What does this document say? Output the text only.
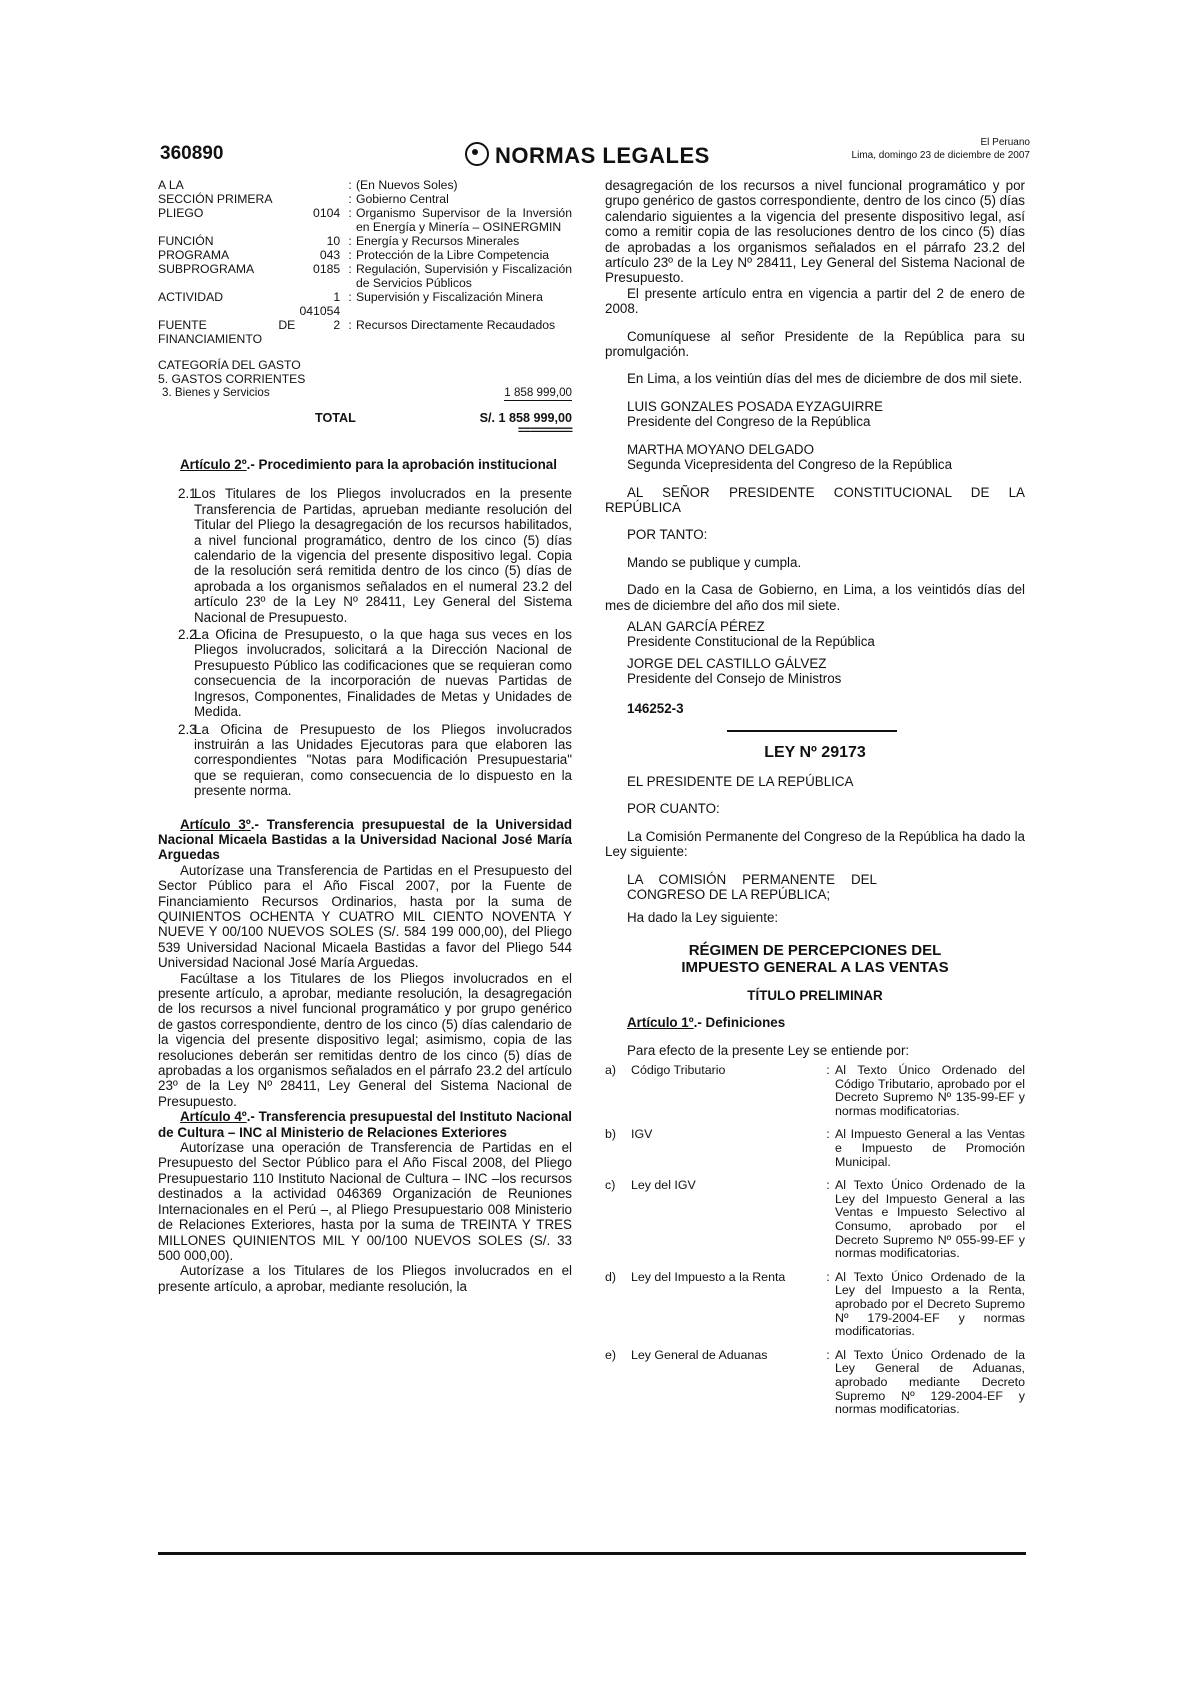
360890	NORMAS LEGALES
El Peruano
Lima, domingo 23 de diciembre de 2007
A LA		:	(En Nuevos Soles)
SECCIÓN PRIMERA		:	Gobierno Central
PLIEGO	0104	:	Organismo Supervisor de la Inversión en Energía y Minería – OSINERGMIN
FUNCIÓN	10	:	Energía y Recursos Minerales
PROGRAMA	043	:	Protección de la Libre Competencia
SUBPROGRAMA	0185	:	Regulación, Supervisión y Fiscalización de Servicios Públicos
ACTIVIDAD	1 041054	:	Supervisión y Fiscalización Minera
FUENTE DE FINANCIAMIENTO	2	:	Recursos Directamente Recaudados
CATEGORÍA DEL GASTO
5. GASTOS CORRIENTES
3. Bienes y Servicios	1 858 999,00
TOTAL	S/. 1 858 999,00
=========

Artículo 2º.- Procedimiento para la aprobación institucional

2.1
Los Titulares de los Pliegos involucrados en la presente Transferencia de Partidas, aprueban mediante resolución del Titular del Pliego la desagregación de los recursos habilitados, a nivel funcional programático, dentro de los cinco (5) días calendario de la vigencia del presente dispositivo legal. Copia de la resolución será remitida dentro de los cinco (5) días de aprobada a los organismos señalados en el numeral 23.2 del artículo 23º de la Ley Nº 28411, Ley General del Sistema Nacional de Presupuesto.
2.2
La Oficina de Presupuesto, o la que haga sus veces en los Pliegos involucrados, solicitará a la Dirección Nacional de Presupuesto Público las codificaciones que se requieran como consecuencia de la incorporación de nuevas Partidas de Ingresos, Componentes, Finalidades de Metas y Unidades de Medida.
2.3
La Oficina de Presupuesto de los Pliegos involucrados instruirán a las Unidades Ejecutoras para que elaboren las correspondientes "Notas para Modificación Presupuestaria" que se requieran, como consecuencia de lo dispuesto en la presente norma.

Artículo 3º.- Transferencia presupuestal de la Universidad Nacional Micaela Bastidas a la Universidad Nacional José María Arguedas

Autorízase una Transferencia de Partidas en el Presupuesto del Sector Público para el Año Fiscal 2007, por la Fuente de Financiamiento Recursos Ordinarios, hasta por la suma de QUINIENTOS OCHENTA Y CUATRO MIL CIENTO NOVENTA Y NUEVE Y 00/100 NUEVOS SOLES (S/. 584 199 000,00), del Pliego 539 Universidad Nacional Micaela Bastidas a favor del Pliego 544 Universidad Nacional José María Arguedas.

Facúltase a los Titulares de los Pliegos involucrados en el presente artículo, a aprobar, mediante resolución, la desagregación de los recursos a nivel funcional programático y por grupo genérico de gastos correspondiente, dentro de los cinco (5) días calendario de la vigencia del presente dispositivo legal; asimismo, copia de las resoluciones deberán ser remitidas dentro de los cinco (5) días de aprobadas a los organismos señalados en el párrafo 23.2 del artículo 23º de la Ley Nº 28411, Ley General del Sistema Nacional de Presupuesto.

Artículo 4º.- Transferencia presupuestal del Instituto Nacional de Cultura – INC al Ministerio de Relaciones Exteriores

Autorízase una operación de Transferencia de Partidas en el Presupuesto del Sector Público para el Año Fiscal 2008, del Pliego Presupuestario 110 Instituto Nacional de Cultura – INC –los recursos destinados a la actividad 046369 Organización de Reuniones Internacionales en el Perú –, al Pliego Presupuestario 008 Ministerio de Relaciones Exteriores, hasta por la suma de TREINTA Y TRES MILLONES QUINIENTOS MIL Y 00/100 NUEVOS SOLES (S/. 33 500 000,00).

Autorízase a los Titulares de los Pliegos involucrados en el presente artículo, a aprobar, mediante resolución, la

desagregación de los recursos a nivel funcional programático y por grupo genérico de gastos correspondiente, dentro de los cinco (5) días calendario siguientes a la vigencia del presente dispositivo legal, así como a remitir copia de las resoluciones dentro de los cinco (5) días de aprobadas a los organismos señalados en el párrafo 23.2 del artículo 23º de la Ley Nº 28411, Ley General del Sistema Nacional de Presupuesto.

El presente artículo entra en vigencia a partir del 2 de enero de 2008.

Comuníquese al señor Presidente de la República para su promulgación.

En Lima, a los veintiún días del mes de diciembre de dos mil siete.

LUIS GONZALES POSADA EYZAGUIRRE

Presidente del Congreso de la República

MARTHA MOYANO DELGADO

Segunda Vicepresidenta del Congreso de la República

AL SEÑOR PRESIDENTE CONSTITUCIONAL DE LA REPÚBLICA

POR TANTO:

Mando se publique y cumpla.

Dado en la Casa de Gobierno, en Lima, a los veintidós días del mes de diciembre del año dos mil siete.

ALAN GARCÍA PÉREZ

Presidente Constitucional de la República

JORGE DEL CASTILLO GÁLVEZ

Presidente del Consejo de Ministros

146252-3

LEY Nº 29173

EL PRESIDENTE DE LA REPÚBLICA

POR CUANTO:

La Comisión Permanente del Congreso de la República ha dado la Ley siguiente:

LA COMISIÓN PERMANENTE DEL CONGRESO DE LA REPÚBLICA;

Ha dado la Ley siguiente:

RÉGIMEN DE PERCEPCIONES DEL IMPUESTO GENERAL A LAS VENTAS

TÍTULO PRELIMINAR

Artículo 1º.- Definiciones

Para efecto de la presente Ley se entiende por:

a)	Código Tributario	:	Al Texto Único Ordenado del Código Tributario, aprobado por el Decreto Supremo Nº 135-99-EF y normas modificatorias.
b)	IGV	:	Al Impuesto General a las Ventas e Impuesto de Promoción Municipal.
c)	Ley del IGV	:	Al Texto Único Ordenado de la Ley del Impuesto General a las Ventas e Impuesto Selectivo al Consumo, aprobado por el Decreto Supremo Nº 055-99-EF y normas modificatorias.
d)	Ley del Impuesto a la Renta	:	Al Texto Único Ordenado de la Ley del Impuesto a la Renta, aprobado por el Decreto Supremo Nº 179-2004-EF y normas modificatorias.
e)	Ley General de Aduanas	:	Al Texto Único Ordenado de la Ley General de Aduanas, aprobado mediante Decreto Supremo Nº 129-2004-EF y normas modificatorias.
